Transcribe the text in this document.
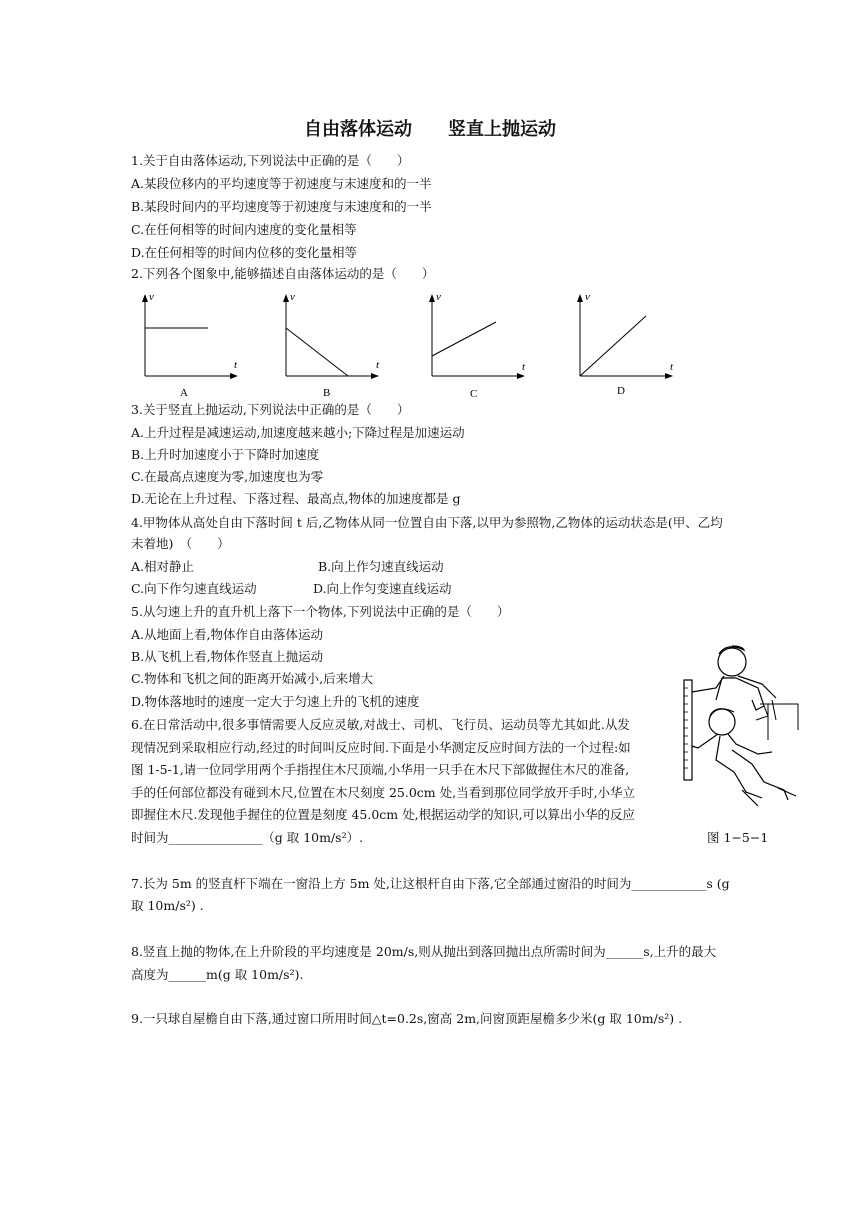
自由落体运动　　竖直上抛运动
1.关于自由落体运动,下列说法中正确的是（　　）
A.某段位移内的平均速度等于初速度与末速度和的一半
B.某段时间内的平均速度等于初速度与末速度和的一半
C.在任何相等的时间内速度的变化量相等
D.在任何相等的时间内位移的变化量相等
2.下列各个图象中,能够描述自由落体运动的是（　　）
v
t
A
v
t
B
v
t
C
v
t
D
3.关于竖直上抛运动,下列说法中正确的是（　　）
A.上升过程是减速运动,加速度越来越小;下降过程是加速运动
B.上升时加速度小于下降时加速度
C.在最高点速度为零,加速度也为零
D.无论在上升过程、下落过程、最高点,物体的加速度都是 g
4.甲物体从高处自由下落时间 t 后,乙物体从同一位置自由下落,以甲为参照物,乙物体的运动状态是(甲、乙均
未着地)　（　　）
A.相对静止	B.向上作匀速直线运动
C.向下作匀速直线运动	D.向上作匀变速直线运动
5.从匀速上升的直升机上落下一个物体,下列说法中正确的是（　　）
A.从地面上看,物体作自由落体运动
B.从飞机上看,物体作竖直上抛运动
C.物体和飞机之间的距离开始减小,后来增大
D.物体落地时的速度一定大于匀速上升的飞机的速度
6.在日常活动中,很多事情需要人反应灵敏,对战士、司机、飞行员、运动员等尤其如此.从发
现情况到采取相应行动,经过的时间叫反应时间.下面是小华测定反应时间方法的一个过程:如
图 1-5-1,请一位同学用两个手指捏住木尺顶端,小华用一只手在木尺下部做握住木尺的准备,
手的任何部位都没有碰到木尺,位置在木尺刻度 25.0cm 处,当看到那位同学放开手时,小华立
即握住木尺.发现他手握住的位置是刻度 45.0cm 处,根据运动学的知识,可以算出小华的反应
时间为_______________（g 取 10m/s²）.	图 1−5−1
7.长为 5m 的竖直杆下端在一窗沿上方 5m 处,让这根杆自由下落,它全部通过窗沿的时间为____________s (g
取 10m/s²) .
8.竖直上抛的物体,在上升阶段的平均速度是 20m/s,则从抛出到落回抛出点所需时间为______s,上升的最大
高度为______m(g 取 10m/s²).
9.一只球自屋檐自由下落,通过窗口所用时间△t=0.2s,窗高 2m,问窗顶距屋檐多少米(g 取 10m/s²) .
